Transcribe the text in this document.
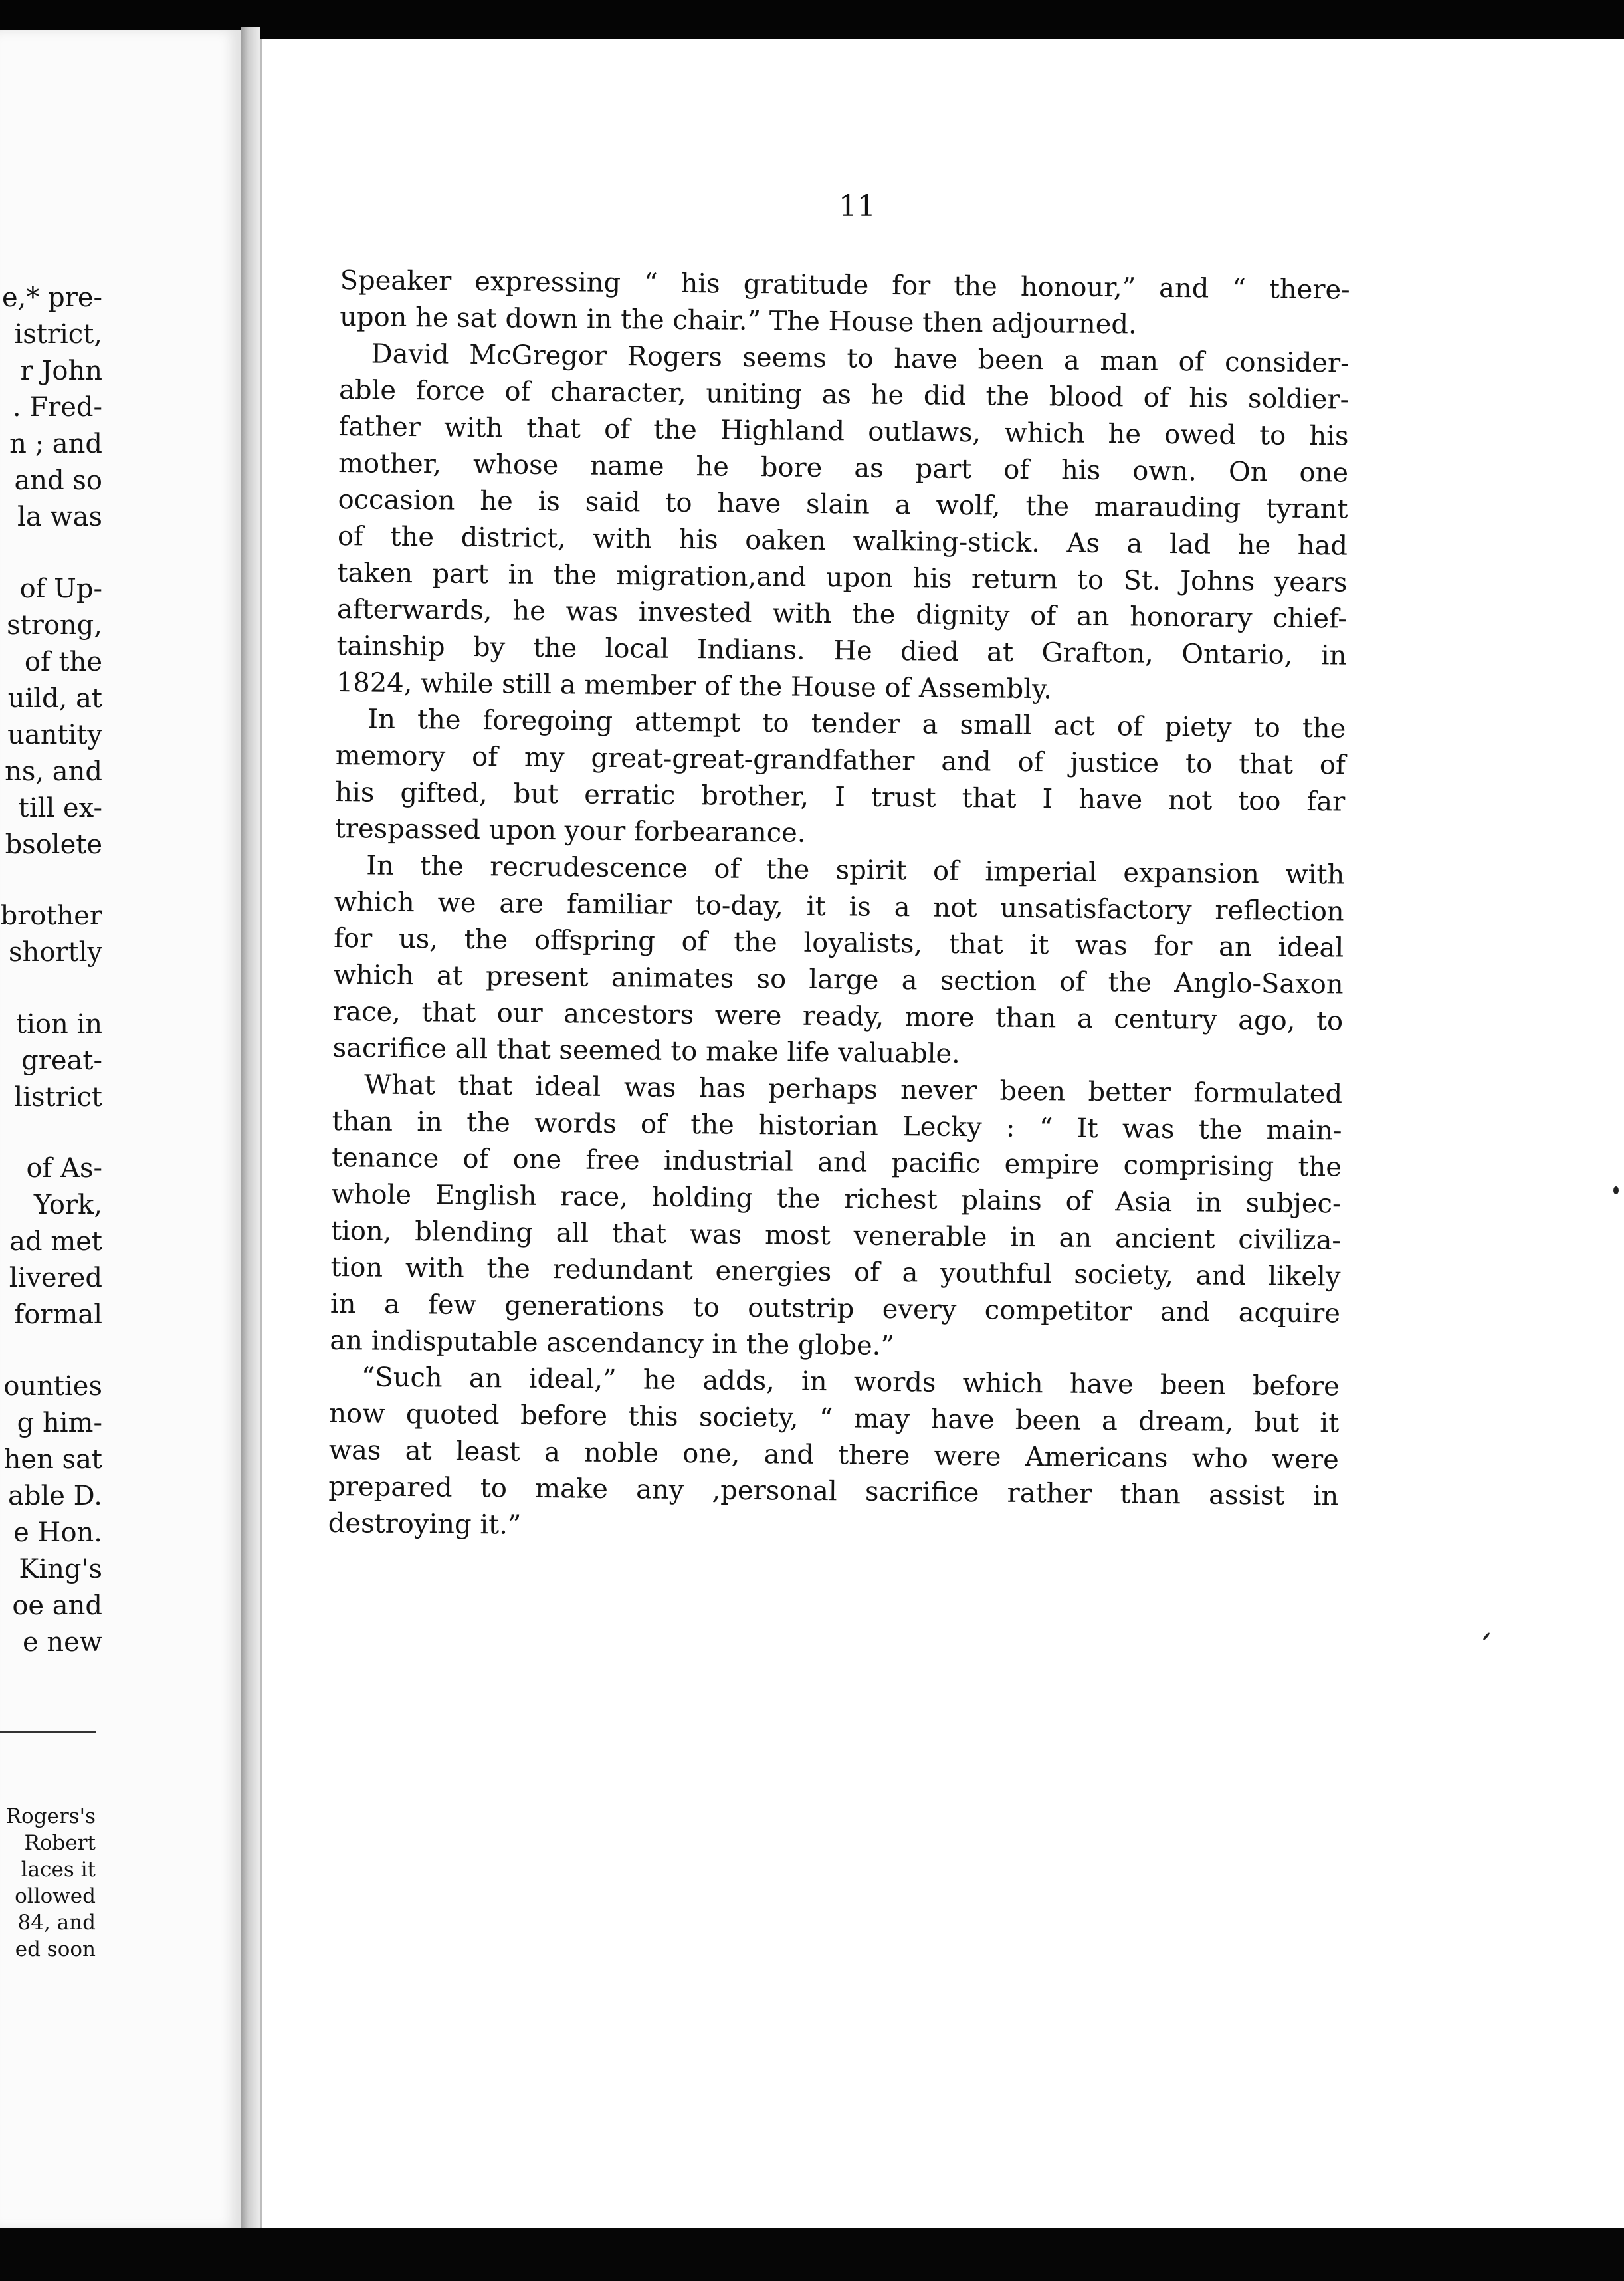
e,* pre-
istrict,
r John
. Fred-
n ; and
and so
la was
of Up-
strong,
of the
uild, at
uantity
ns, and
till ex-
bsolete
brother
shortly
tion in
great-
listrict
of As-
York,
ad met
livered
formal
ounties
g him-
hen sat
able D.
e Hon.
King's
oe and
e new
Rogers's
Robert
laces it
ollowed
84, and
ed soon
11
Speaker expressing “ his gratitude for the honour,” and “ there-
upon he sat down in the chair.” The House then adjourned.
David McGregor Rogers seems to have been a man of consider-
able force of character, uniting as he did the blood of his soldier-
father with that of the Highland outlaws, which he owed to his
mother, whose name he bore as part of his own. On one
occasion he is said to have slain a wolf, the marauding tyrant
of the district, with his oaken walking-stick. As a lad he had
taken part in the migration,and upon his return to St. Johns years
afterwards, he was invested with the dignity of an honorary chief-
tainship by the local Indians. He died at Grafton, Ontario, in
1824, while still a member of the House of Assembly.
In the foregoing attempt to tender a small act of piety to the
memory of my great-great-grandfather and of justice to that of
his gifted, but erratic brother, I trust that I have not too far
trespassed upon your forbearance.
In the recrudescence of the spirit of imperial expansion with
which we are familiar to-day, it is a not unsatisfactory reflection
for us, the offspring of the loyalists, that it was for an ideal
which at present animates so large a section of the Anglo-Saxon
race, that our ancestors were ready, more than a century ago, to
sacrifice all that seemed to make life valuable.
What that ideal was has perhaps never been better formulated
than in the words of the historian Lecky : “ It was the main-
tenance of one free industrial and pacific empire comprising the
whole English race, holding the richest plains of Asia in subjec-
tion, blending all that was most venerable in an ancient civiliza-
tion with the redundant energies of a youthful society, and likely
in a few generations to outstrip every competitor and acquire
an indisputable ascendancy in the globe.”
“Such an ideal,” he adds, in words which have been before
now quoted before this society, “ may have been a dream, but it
was at least a noble one, and there were Americans who were
prepared to make any ,personal sacrifice rather than assist in
destroying it.”
